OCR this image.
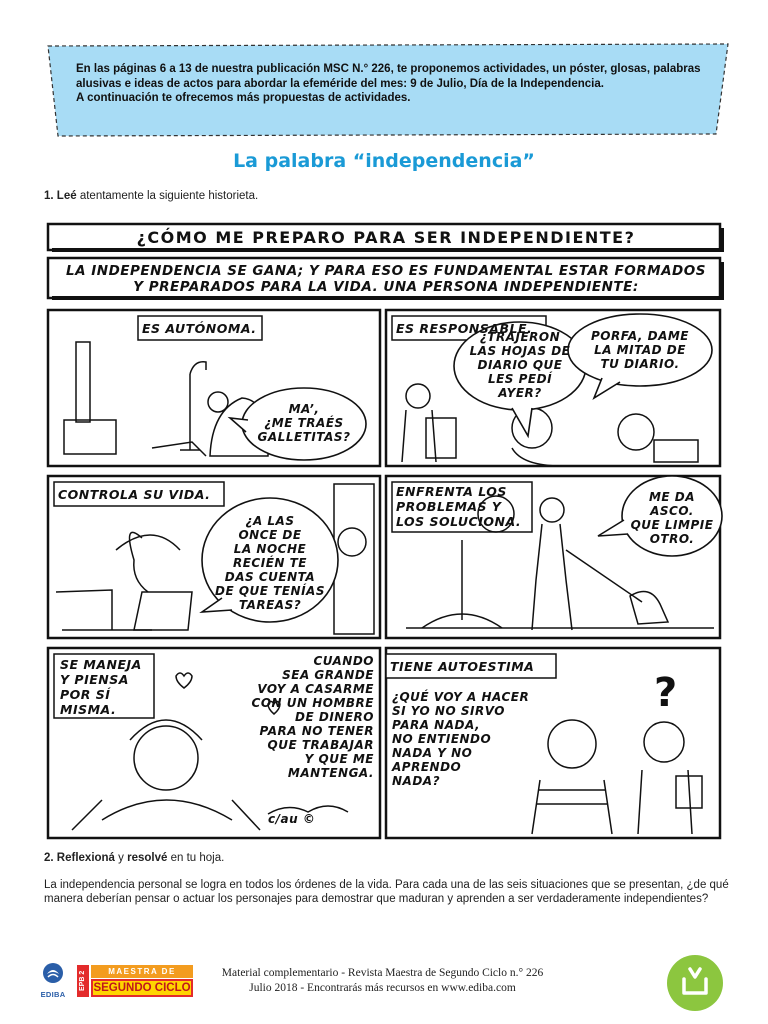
En las páginas 6 a 13 de nuestra publicación MSC N.° 226, te proponemos actividades, un póster, glosas, palabras

alusivas e ideas de actos para abordar la efeméride del mes: 9 de Julio, Día de la Independencia.

A continuación te ofrecemos más propuestas de actividades.

La palabra “independencia”
1. Leé atentamente la siguiente historieta.
¿CÓMO ME PREPARO PARA SER INDEPENDIENTE?
LA INDEPENDENCIA SE GANA; Y PARA ESO ES FUNDAMENTAL ESTAR FORMADOS
Y PREPARADOS PARA LA VIDA. UNA PERSONA INDEPENDIENTE:
ES AUTÓNOMA.
MA’,
¿ME TRAÉS
GALLETITAS?
ES RESPONSABLE.
¿TRAJERON
LAS HOJAS DE
DIARIO QUE
LES PEDÍ
AYER?
PORFA, DAME
LA MITAD DE
TU DIARIO.
CONTROLA SU VIDA.
¿A LAS
ONCE DE
LA NOCHE
RECIÉN TE
DAS CUENTA
DE QUE TENÍAS
TAREAS?
ENFRENTA LOS
PROBLEMAS Y
LOS SOLUCIONA.
ME DA
ASCO.
QUE LIMPIE
OTRO.
SE MANEJA
Y PIENSA
POR SÍ
MISMA.
CUANDO
SEA GRANDE
VOY A CASARME
CON UN HOMBRE
DE DINERO
PARA NO TENER
QUE TRABAJAR
Y QUE ME
MANTENGA.
c/au ©
TIENE AUTOESTIMA
¿QUÉ VOY A HACER
SI YO NO SIRVO
PARA NADA,
NO ENTIENDO
NADA Y NO
APRENDO
NADA?
?
2. Reflexioná y resolvé en tu hoja.
La independencia personal se logra en todos los órdenes de la vida. Para cada una de las seis situaciones que se presentan, ¿de qué manera deberían pensar o actuar los personajes para demostrar que maduran y aprenden a ser verdaderamente independientes?
EDIBA
EPB 2	MAESTRA DE
SEGUNDO CICLO
Material complementario - Revista Maestra de Segundo Ciclo n.° 226
Julio 2018 - Encontrarás más recursos en www.ediba.com
